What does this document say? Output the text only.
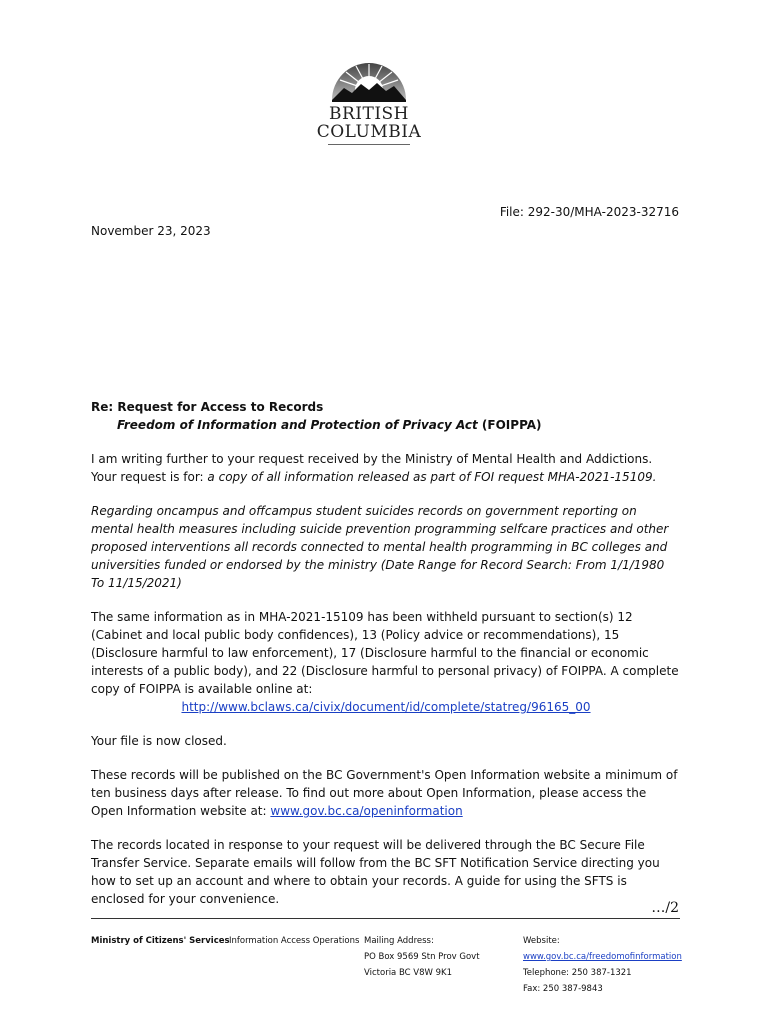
BRITISH
COLUMBIA
File: 292-30/MHA-2023-32716
November 23, 2023

Re: Request for Access to Records
Freedom of Information and Protection of Privacy Act (FOIPPA)

I am writing further to your request received by the Ministry of Mental Health and Addictions. Your request is for: a copy of all information released as part of FOI request MHA-2021-15109.

Regarding oncampus and offcampus student suicides records on government reporting on mental health measures including suicide prevention programming selfcare practices and other proposed interventions all records connected to mental health programming in BC colleges and universities funded or endorsed by the ministry (Date Range for Record Search: From 1/1/1980 To 11/15/2021)

The same information as in MHA-2021-15109 has been withheld pursuant to section(s) 12 (Cabinet and local public body confidences), 13 (Policy advice or recommendations), 15 (Disclosure harmful to law enforcement), 17 (Disclosure harmful to the financial or economic interests of a public body), and 22 (Disclosure harmful to personal privacy) of FOIPPA. A complete copy of FOIPPA is available online at:

http://www.bclaws.ca/civix/document/id/complete/statreg/96165_00

Your file is now closed.

These records will be published on the BC Government's Open Information website a minimum of ten business days after release. To find out more about Open Information, please access the Open Information website at: www.gov.bc.ca/openinformation

The records located in response to your request will be delivered through the BC Secure File Transfer Service. Separate emails will follow from the BC SFT Notification Service directing you how to set up an account and where to obtain your records. A guide for using the SFTS is enclosed for your convenience.

…/2
Ministry of Citizens' Services Information Access Operations Mailing Address:
PO Box 9569 Stn Prov Govt
Victoria BC V8W 9K1
Website:
www.gov.bc.ca/freedomofinformation
Telephone: 250 387-1321
Fax: 250 387-9843
